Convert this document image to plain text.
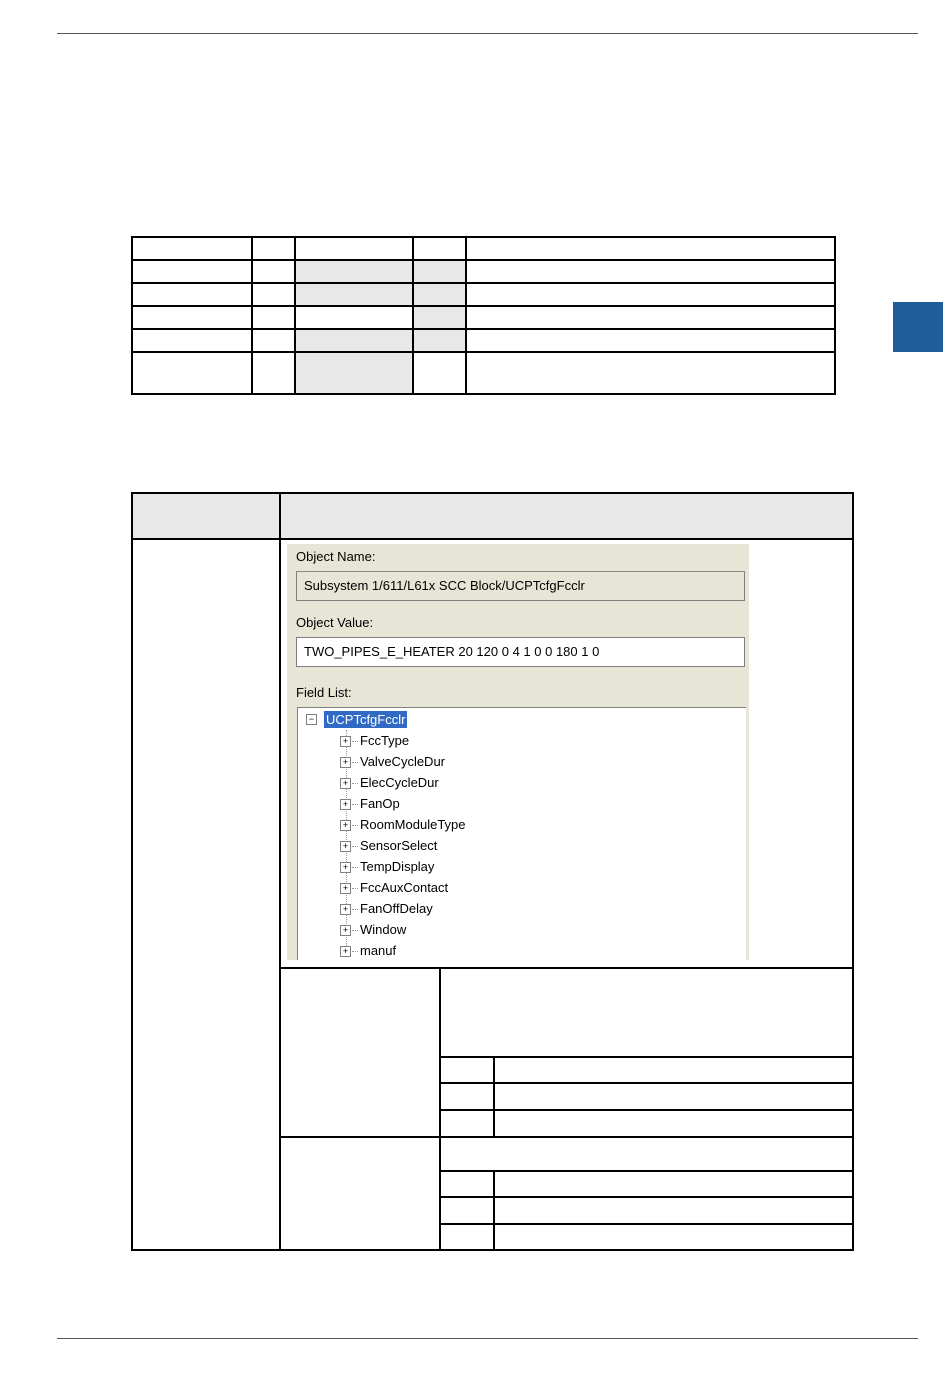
Object Name:
Subsystem 1/611/L61x SCC Block/UCPTcfgFcclr
Object Value:
TWO_PIPES_E_HEATER 20 120 0 4 1 0 0 180 1 0
Field List:
− UCPTcfgFcclr
+ FccType
+ ValveCycleDur
+ ElecCycleDur
+ FanOp
+ RoomModuleType
+ SensorSelect
+ TempDisplay
+ FccAuxContact
+ FanOffDelay
+ Window
+ manuf
